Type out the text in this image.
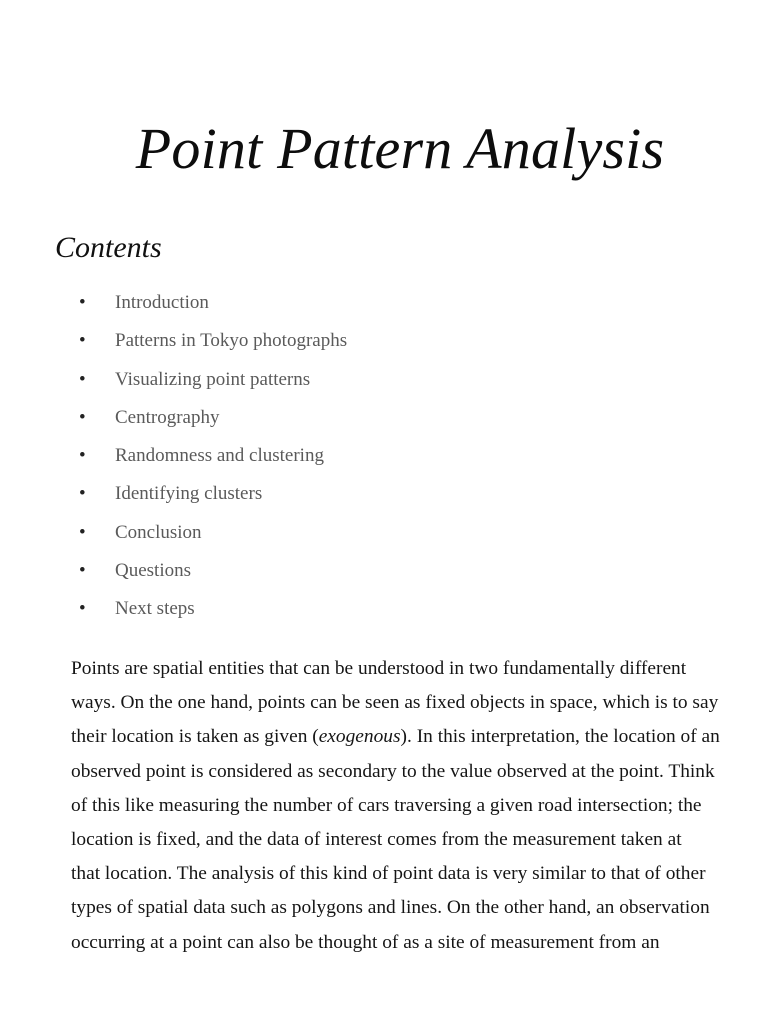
Point Pattern Analysis
Contents
• Introduction
• Patterns in Tokyo photographs
• Visualizing point patterns
• Centrography
• Randomness and clustering
• Identifying clusters
• Conclusion
• Questions
• Next steps

Points are spatial entities that can be understood in two fundamentally different
ways. On the one hand, points can be seen as fixed objects in space, which is to say
their location is taken as given (exogenous). In this interpretation, the location of an
observed point is considered as secondary to the value observed at the point. Think
of this like measuring the number of cars traversing a given road intersection; the
location is fixed, and the data of interest comes from the measurement taken at
that location. The analysis of this kind of point data is very similar to that of other
types of spatial data such as polygons and lines. On the other hand, an observation
occurring at a point can also be thought of as a site of measurement from an
